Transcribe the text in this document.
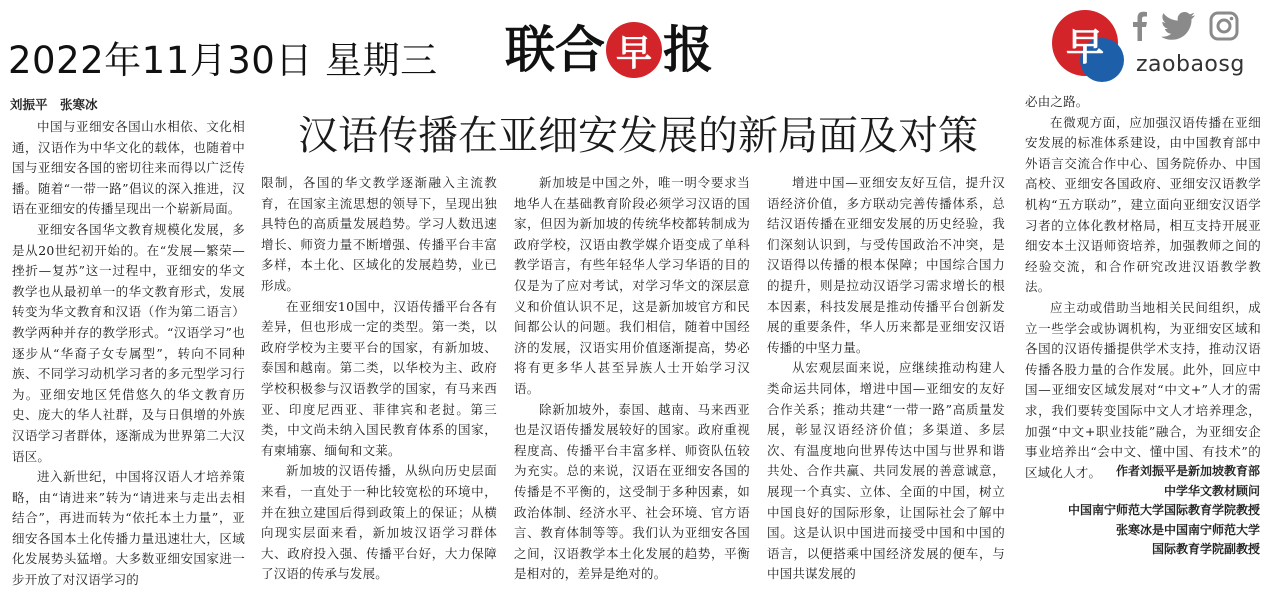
2022年11月30日 星期三 联 合 早 报	早	zaobaosg

刘振平　张寒冰
汉语传播在亚细安发展的新局面及对策

中国与亚细安各国山水相依、文化相通，汉语作为中华文化的载体，也随着中国与亚细安各国的密切往来而得以广泛传播。随着“一带一路”倡议的深入推进，汉语在亚细安的传播呈现出一个崭新局面。

亚细安各国华文教育规模化发展，多是从20世纪初开始的。在“发展—繁荣—挫折—复苏”这一过程中，亚细安的华文教学也从最初单一的华文教育形式，发展转变为华文教育和汉语（作为第二语言）教学两种并存的教学形式。“汉语学习”也逐步从“华裔子女专属型”，转向不同种族、不同学习动机学习者的多元型学习行为。亚细安地区凭借悠久的华文教育历史、庞大的华人社群，及与日俱增的外族汉语学习者群体，逐渐成为世界第二大汉语区。

进入新世纪，中国将汉语人才培养策略，由“请进来”转为“请进来与走出去相结合”，再进而转为“依托本土力量”，亚细安各国本土化传播力量迅速壮大，区域化发展势头猛增。大多数亚细安国家进一步开放了对汉语学习的

限制，各国的华文教学逐渐融入主流教育，在国家主流思想的领导下，呈现出独具特色的高质量发展趋势。学习人数迅速增长、师资力量不断增强、传播平台丰富多样，本土化、区域化的发展趋势，业已形成。

在亚细安10国中，汉语传播平台各有差异，但也形成一定的类型。第一类，以政府学校为主要平台的国家，有新加坡、泰国和越南。第二类，以华校为主、政府学校积极参与汉语教学的国家，有马来西亚、印度尼西亚、菲律宾和老挝。第三类，中文尚未纳入国民教育体系的国家，有柬埔寨、缅甸和文莱。

新加坡的汉语传播，从纵向历史层面来看，一直处于一种比较宽松的环境中，并在独立建国后得到政策上的保证；从横向现实层面来看，新加坡汉语学习群体大、政府投入强、传播平台好，大力保障了汉语的传承与发展。

新加坡是中国之外，唯一明令要求当地华人在基础教育阶段必须学习汉语的国家，但因为新加坡的传统华校都转制成为政府学校，汉语由教学媒介语变成了单科教学语言，有些年轻华人学习华语的目的仅是为了应对考试，对学习华文的深层意义和价值认识不足，这是新加坡官方和民间都公认的问题。我们相信，随着中国经济的发展，汉语实用价值逐渐提高，势必将有更多华人甚至异族人士开始学习汉语。

除新加坡外，泰国、越南、马来西亚也是汉语传播发展较好的国家。政府重视程度高、传播平台丰富多样、师资队伍较为充实。总的来说，汉语在亚细安各国的传播是不平衡的，这受制于多种因素，如政治体制、经济水平、社会环境、官方语言、教育体制等等。我们认为亚细安各国之间，汉语教学本土化发展的趋势，平衡是相对的，差异是绝对的。

增进中国—亚细安友好互信，提升汉语经济价值，多方联动完善传播体系，总结汉语传播在亚细安发展的历史经验，我们深刻认识到，与受传国政治不冲突，是汉语得以传播的根本保障；中国综合国力的提升，则是拉动汉语学习需求增长的根本因素，科技发展是推动传播平台创新发展的重要条件，华人历来都是亚细安汉语传播的中坚力量。

从宏观层面来说，应继续推动构建人类命运共同体，增进中国—亚细安的友好合作关系；推动共建“一带一路”高质量发展，彰显汉语经济价值；多渠道、多层次、有温度地向世界传达中国与世界和谐共处、合作共赢、共同发展的善意诚意，展现一个真实、立体、全面的中国，树立中国良好的国际形象，让国际社会了解中国。这是认识中国进而接受中国和中国的语言，以便搭乘中国经济发展的便车，与中国共谋发展的

必由之路。

在微观方面，应加强汉语传播在亚细安发展的标准体系建设，由中国教育部中外语言交流合作中心、国务院侨办、中国高校、亚细安各国政府、亚细安汉语教学机构“五方联动”，建立面向亚细安汉语学习者的立体化教材格局，相互支持开展亚细安本土汉语师资培养，加强教师之间的经验交流，和合作研究改进汉语教学教法。

应主动或借助当地相关民间组织，成立一些学会或协调机构，为亚细安区域和各国的汉语传播提供学术支持，推动汉语传播各股力量的合作发展。此外，回应中国—亚细安区域发展对“中文+”人才的需求，我们要转变国际中文人才培养理念，加强“中文+职业技能”融合，为亚细安企事业培养出“会中文、懂中国、有技术”的区域化人才。	作者刘振平是新加坡教育部
中学华文教材顾问
中国南宁师范大学国际教育学院教授
张寒冰是中国南宁师范大学
国际教育学院副教授
